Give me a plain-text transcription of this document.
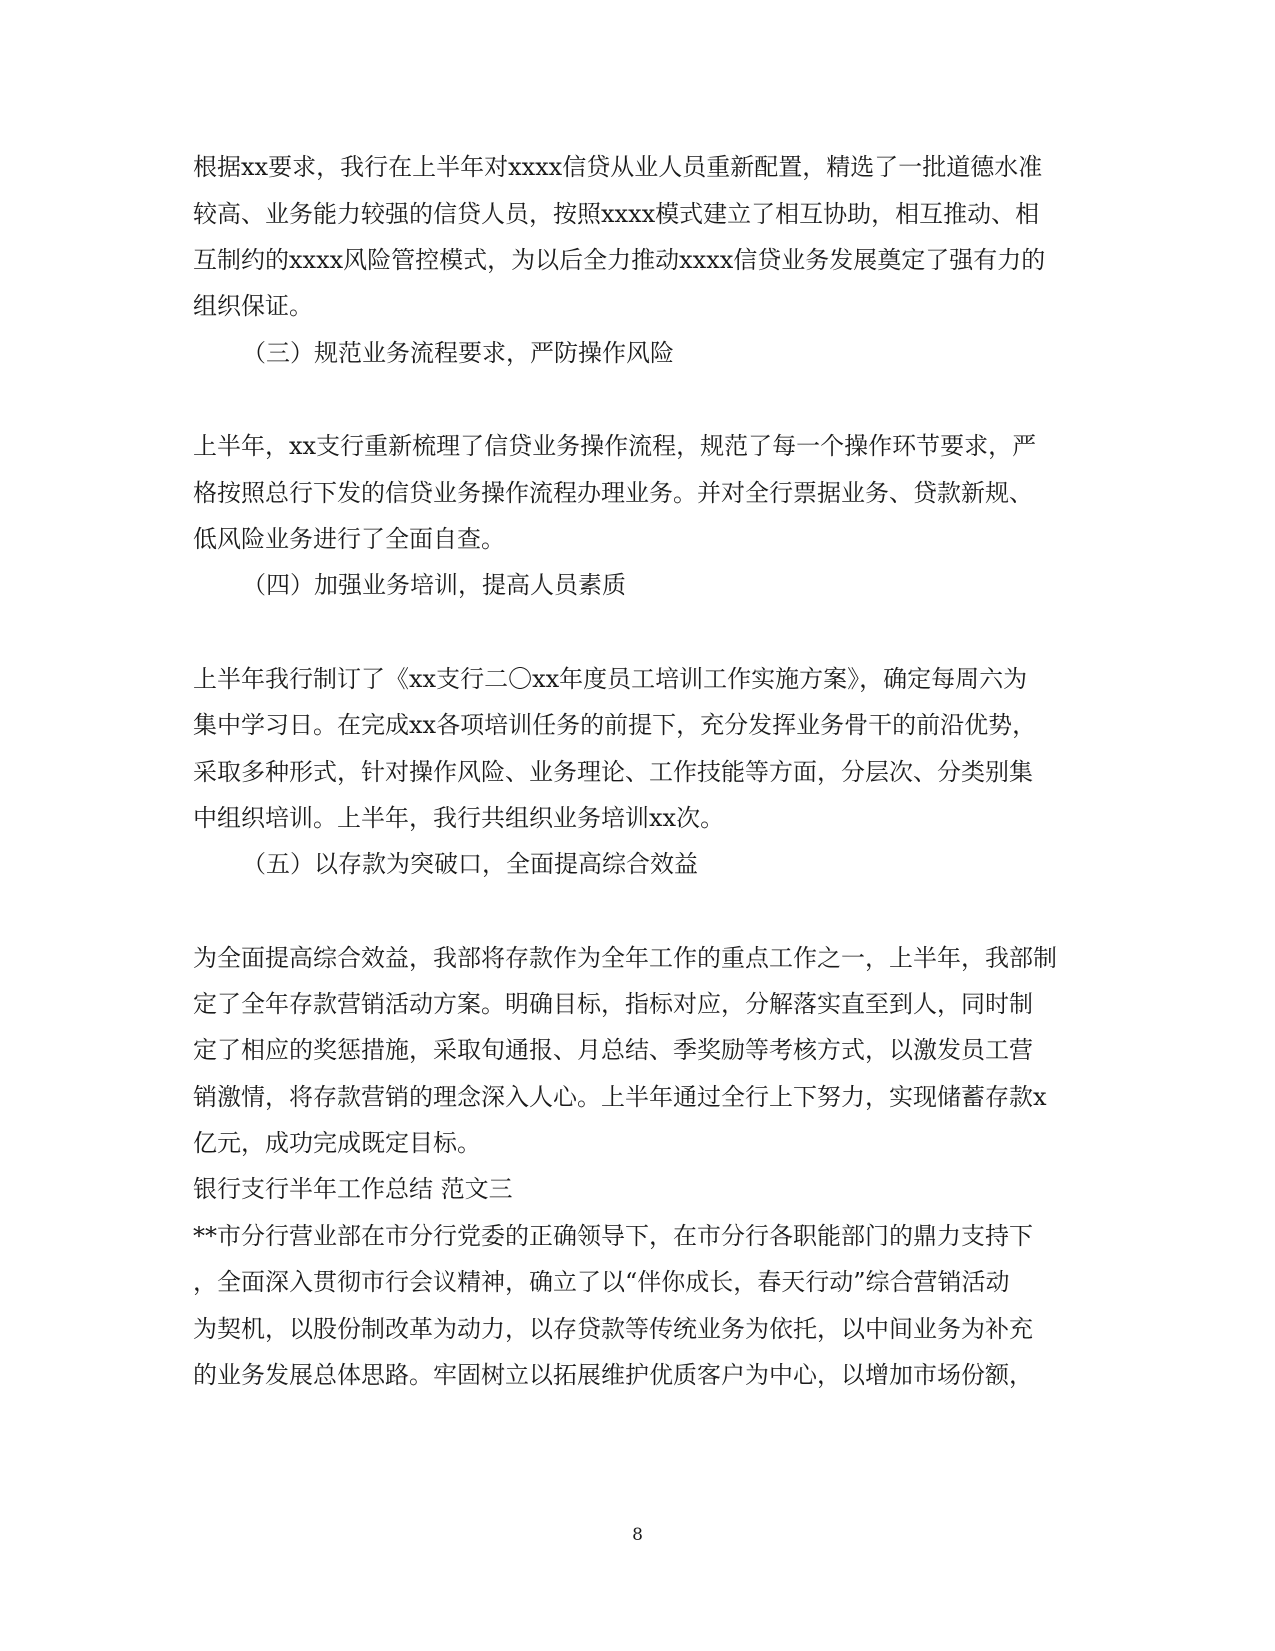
根据xx要求，我行在上半年对xxxx信贷从业人员重新配置，精选了一批道德水准

较高、业务能力较强的信贷人员，按照xxxx模式建立了相互协助，相互推动、相

互制约的xxxx风险管控模式，为以后全力推动xxxx信贷业务发展奠定了强有力的

组织保证。

（三）规范业务流程要求，严防操作风险

上半年，xx支行重新梳理了信贷业务操作流程，规范了每一个操作环节要求，严

格按照总行下发的信贷业务操作流程办理业务。并对全行票据业务、贷款新规、

低风险业务进行了全面自查。

（四）加强业务培训，提高人员素质

上半年我行制订了《xx支行二〇xx年度员工培训工作实施方案》，确定每周六为

集中学习日。在完成xx各项培训任务的前提下，充分发挥业务骨干的前沿优势，

采取多种形式，针对操作风险、业务理论、工作技能等方面，分层次、分类别集

中组织培训。上半年，我行共组织业务培训xx次。

（五）以存款为突破口，全面提高综合效益

为全面提高综合效益，我部将存款作为全年工作的重点工作之一，上半年，我部制

定了全年存款营销活动方案。明确目标，指标对应，分解落实直至到人，同时制

定了相应的奖惩措施，采取旬通报、月总结、季奖励等考核方式，以激发员工营

销激情，将存款营销的理念深入人心。上半年通过全行上下努力，实现储蓄存款x

亿元，成功完成既定目标。

银行支行半年工作总结 范文三

**市分行营业部在市分行党委的正确领导下，在市分行各职能部门的鼎力支持下

，全面深入贯彻市行会议精神，确立了以“伴你成长，春天行动”综合营销活动

为契机，以股份制改革为动力，以存贷款等传统业务为依托，以中间业务为补充

的业务发展总体思路。牢固树立以拓展维护优质客户为中心，以增加市场份额，

8
